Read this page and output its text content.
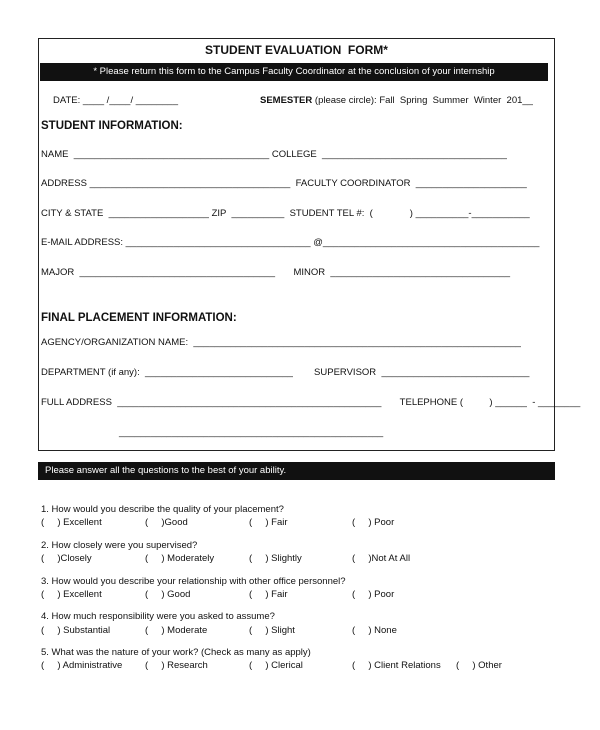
STUDENT EVALUATION  FORM*
* Please return this form to the Campus Faculty Coordinator at the conclusion of your internship
DATE: ____ /____/ ________	SEMESTER (please circle): Fall  Spring  Summer  Winter  201__
STUDENT INFORMATION:
NAME  _____________________________________ COLLEGE  ___________________________________
ADDRESS ______________________________________  FACULTY COORDINATOR  _____________________
CITY & STATE  ___________________ ZIP  __________  STUDENT TEL #:  (              ) __________-___________
E-MAIL ADDRESS: ___________________________________ @_________________________________________
MAJOR  _____________________________________       MINOR  __________________________________
FINAL PLACEMENT INFORMATION:
AGENCY/ORGANIZATION NAME:  ______________________________________________________________
DEPARTMENT (if any):  ____________________________        SUPERVISOR  ____________________________
FULL ADDRESS  __________________________________________________       TELEPHONE (          ) ______  - ________
__________________________________________________
Please answer all the questions to the best of your ability.
1. How would you describe the quality of your placement?
(     ) Excellent	(     )Good	(     ) Fair	(     ) Poor
2. How closely were you supervised?
(     )Closely	(     ) Moderately	(     ) Slightly	(     )Not At All
3. How would you describe your relationship with other office personnel?
(     ) Excellent	(     ) Good	(     ) Fair	(     ) Poor
4. How much responsibility were you asked to assume?
(     ) Substantial	(     ) Moderate	(     ) Slight	(     ) None
5. What was the nature of your work? (Check as many as apply)
(     ) Administrative (     ) Research	(     ) Clerical	(     ) Client Relations (     ) Other
